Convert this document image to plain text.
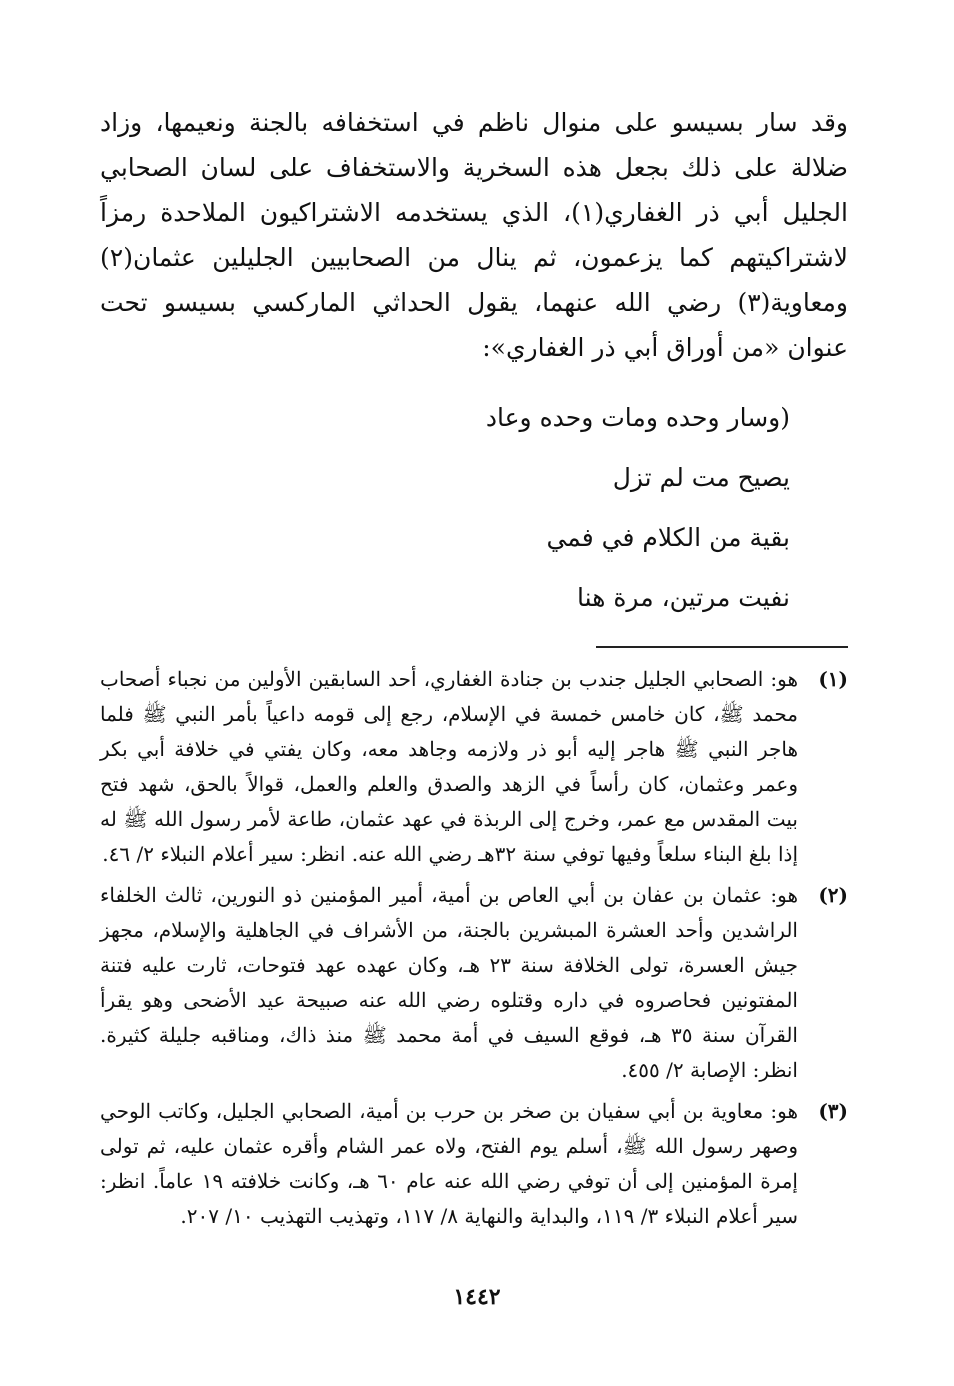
وقد سار بسيسو على منوال ناظم في استخفافه بالجنة ونعيمها، وزاد ضلالة على ذلك بجعل هذه السخرية والاستخفاف على لسان الصحابي الجليل أبي ذر الغفاري(١)، الذي يستخدمه الاشتراكيون الملاحدة رمزاً لاشتراكيتهم كما يزعمون، ثم ينال من الصحابيين الجليلين عثمان(٢) ومعاوية(٣) رضي الله عنهما، يقول الحداثي الماركسي بسيسو تحت عنوان «من أوراق أبي ذر الغفاري»:

(وسار وحده ومات وحده وعاد
يصيح مت لم تزل
بقية من الكلام في فمي
نفيت مرتين، مرة هنا
(١)
هو: الصحابي الجليل جندب بن جنادة الغفاري، أحد السابقين الأولين من نجباء أصحاب محمد ﷺ، كان خامس خمسة في الإسلام، رجع إلى قومه داعياً بأمر النبي ﷺ فلما هاجر النبي ﷺ هاجر إليه أبو ذر ولازمه وجاهد معه، وكان يفتي في خلافة أبي بكر وعمر وعثمان، كان رأساً في الزهد والصدق والعلم والعمل، قوالاً بالحق، شهد فتح بيت المقدس مع عمر، وخرج إلى الربذة في عهد عثمان، طاعة لأمر رسول الله ﷺ له إذا بلغ البناء سلعاً وفيها توفي سنة ٣٢هـ رضي الله عنه. انظر: سير أعلام النبلاء ٢/ ٤٦.
(٢)
هو: عثمان بن عفان بن أبي العاص بن أمية، أمير المؤمنين ذو النورين، ثالث الخلفاء الراشدين وأحد العشرة المبشرين بالجنة، من الأشراف في الجاهلية والإسلام، مجهز جيش العسرة، تولى الخلافة سنة ٢٣ هـ، وكان عهده عهد فتوحات، ثارت عليه فتنة المفتونين فحاصروه في داره وقتلوه رضي الله عنه صبيحة عيد الأضحى وهو يقرأ القرآن سنة ٣٥ هـ، فوقع السيف في أمة محمد ﷺ منذ ذاك، ومناقبه جليلة كثيرة. انظر: الإصابة ٢/ ٤٥٥.
(٣)
هو: معاوية بن أبي سفيان بن صخر بن حرب بن أمية، الصحابي الجليل، وكاتب الوحي وصهر رسول الله ﷺ، أسلم يوم الفتح، ولاه عمر الشام وأقره عثمان عليه، ثم تولى إمرة المؤمنين إلى أن توفي رضي الله عنه عام ٦٠ هـ، وكانت خلافته ١٩ عاماً. انظر: سير أعلام النبلاء ٣/ ١١٩، والبداية والنهاية ٨/ ١١٧، وتهذيب التهذيب ١٠/ ٢٠٧.
١٤٤٢
